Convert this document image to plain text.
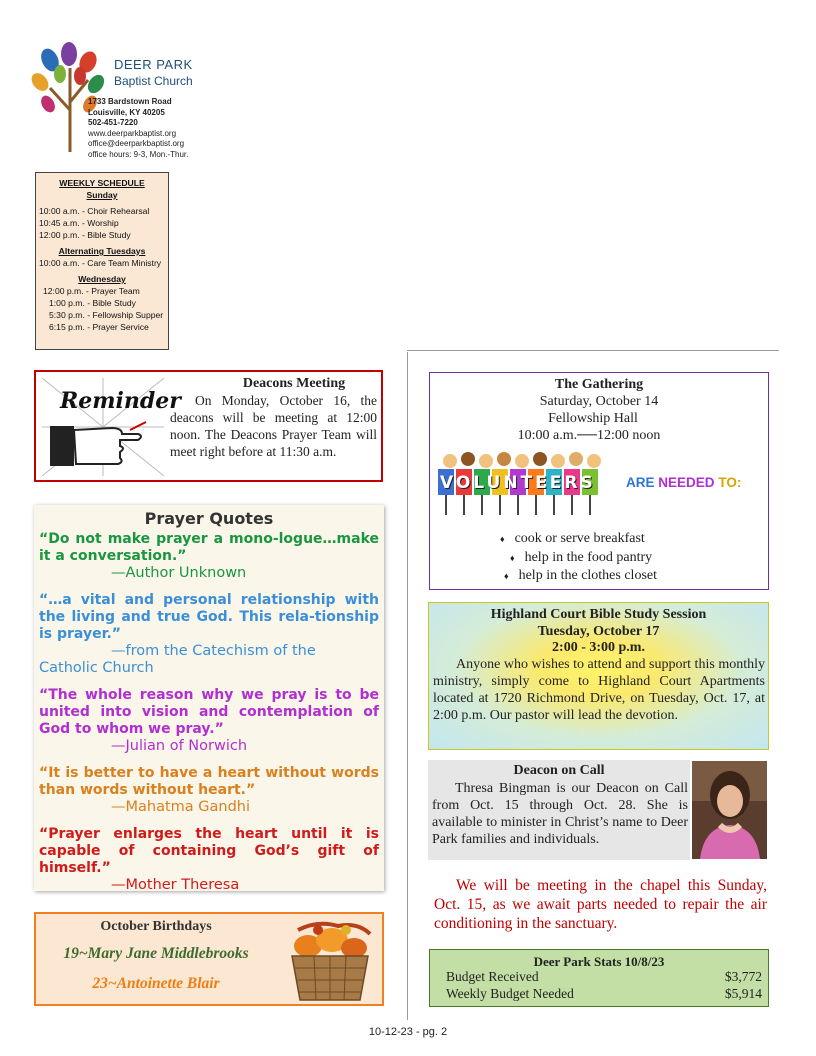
DEER PARK
Baptist Church
1733 Bardstown Road
Louisville, KY 40205
502-451-7220
www.deerparkbaptist.org
office@deerparkbaptist.org
office hours: 9-3, Mon.-Thur.
WEEKLY SCHEDULE
Sunday
10:00 a.m. - Choir Rehearsal
10:45 a.m. - Worship
12:00 p.m. - Bible Study
Alternating Tuesdays
10:00 a.m. - Care Team Ministry
Wednesday
12:00 p.m. - Prayer Team
1:00 p.m. - Bible Study
5:30 p.m. - Fellowship Supper
6:15 p.m. - Prayer Service
Reminder
Deacons Meeting
On Monday, October 16, the deacons will be meeting at 12:00 noon. The Deacons Prayer Team will meet right before at 11:30 a.m.
Prayer Quotes
“Do not make prayer a mono-logue…make it a conversation.”
—Author Unknown
“…a vital and personal relationship with the living and true God. This rela-tionship is prayer.”
—from the Catechism of the Catholic Church
“The whole reason why we pray is to be united into vision and contemplation of God to whom we pray.”
—Julian of Norwich
“It is better to have a heart without words than words without heart.”
—Mahatma Gandhi
“Prayer enlarges the heart until it is capable of containing God’s gift of himself.”
—Mother Theresa
October Birthdays
19~Mary Jane Middlebrooks
23~Antoinette Blair
The Gathering
Saturday, October 14
Fellowship Hall
10:00 a.m.──12:00 noon
VOLUNTEERS ARE NEEDED TO:
♦ cook or serve breakfast
♦ help in the food pantry
♦ help in the clothes closet
Highland Court Bible Study Session
Tuesday, October 17
2:00 - 3:00 p.m.
Anyone who wishes to attend and support this monthly ministry, simply come to Highland Court Apartments located at 1720 Richmond Drive, on Tuesday, Oct. 17, at 2:00 p.m. Our pastor will lead the devotion.
Deacon on Call
Thresa Bingman is our Deacon on Call from Oct. 15 through Oct. 28. She is available to minister in Christ’s name to Deer Park families and individuals.
We will be meeting in the chapel this Sunday, Oct. 15, as we await parts needed to repair the air conditioning in the sanctuary.
Deer Park Stats 10/8/23
Budget Received	$3,772
Weekly Budget Needed	$5,914
10-12-23 - pg. 2
